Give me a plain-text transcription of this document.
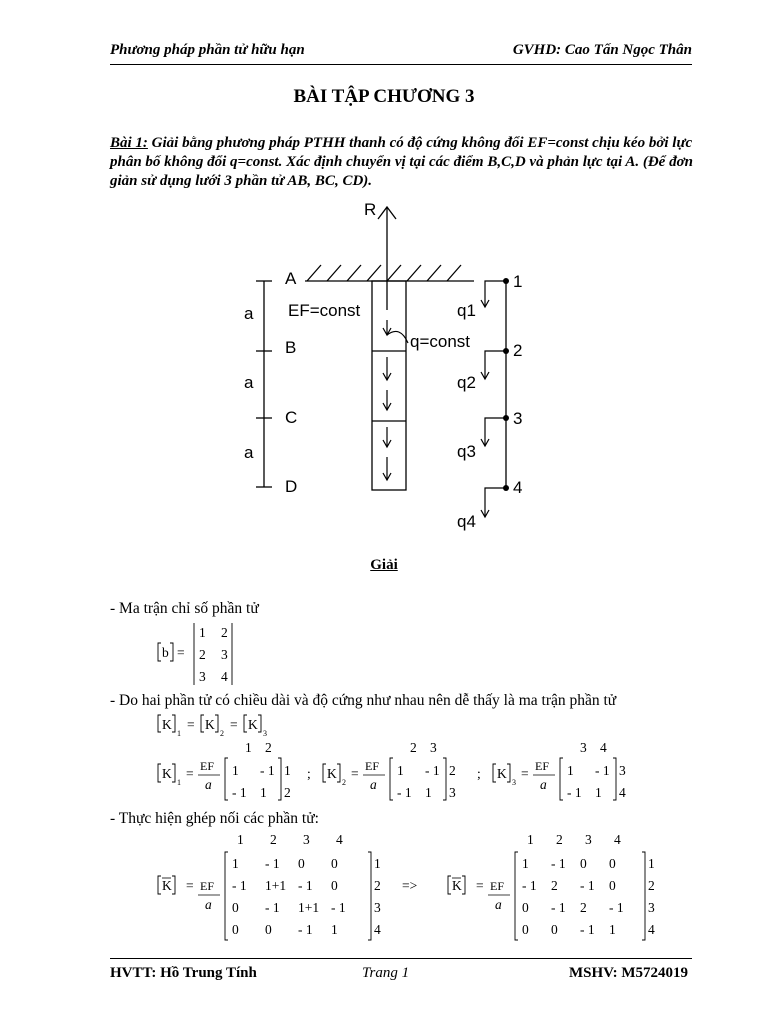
Phương pháp phần tử hữu hạn	GVHD: Cao Tấn Ngọc Thân
BÀI TẬP CHƯƠNG 3
Bài 1: Giải bằng phương pháp PTHH thanh có độ cứng không đổi EF=const chịu kéo bởi lực phân bố không đổi q=const. Xác định chuyển vị tại các điểm B,C,D và phản lực tại A. (Để đơn giản sử dụng lưới 3 phần tử AB, BC, CD).
R
q=const
EF=const
A
B
C
D
a
a
a
1
2
3
4
q1
q2
q3
q4
Giải
- Ma trận chỉ số phần tử
b =
1 2
2 3
3 4
- Do hai phần tử có chiều dài và độ cứng như nhau nên dễ thấy là ma trận phần tử
K
1
= K
2
= K
3
K
1
= EF
a
1 - 1
- 1 1
1 2
1
2
; K
2
= EF
a
1 - 1
- 1 1
2 3
2
3
; K
3
= EF
a
1 - 1
- 1 1
3 4
3
4
- Thực hiện ghép nối các phần tử:
K = EF
a
1 - 1 0 0
- 1 1+1 - 1 0
0 - 1 1+1 - 1
0 0 - 1 1
1
1
2
2
3
3
4
4
K = EF
a
1 - 1 0 0
- 1 2 - 1 0
0 - 1 2 - 1
0 0 - 1 1
1
1
2
2
3
3
4
4
=>
HVTT: Hồ Trung Tính	Trang 1	MSHV: M5724019
